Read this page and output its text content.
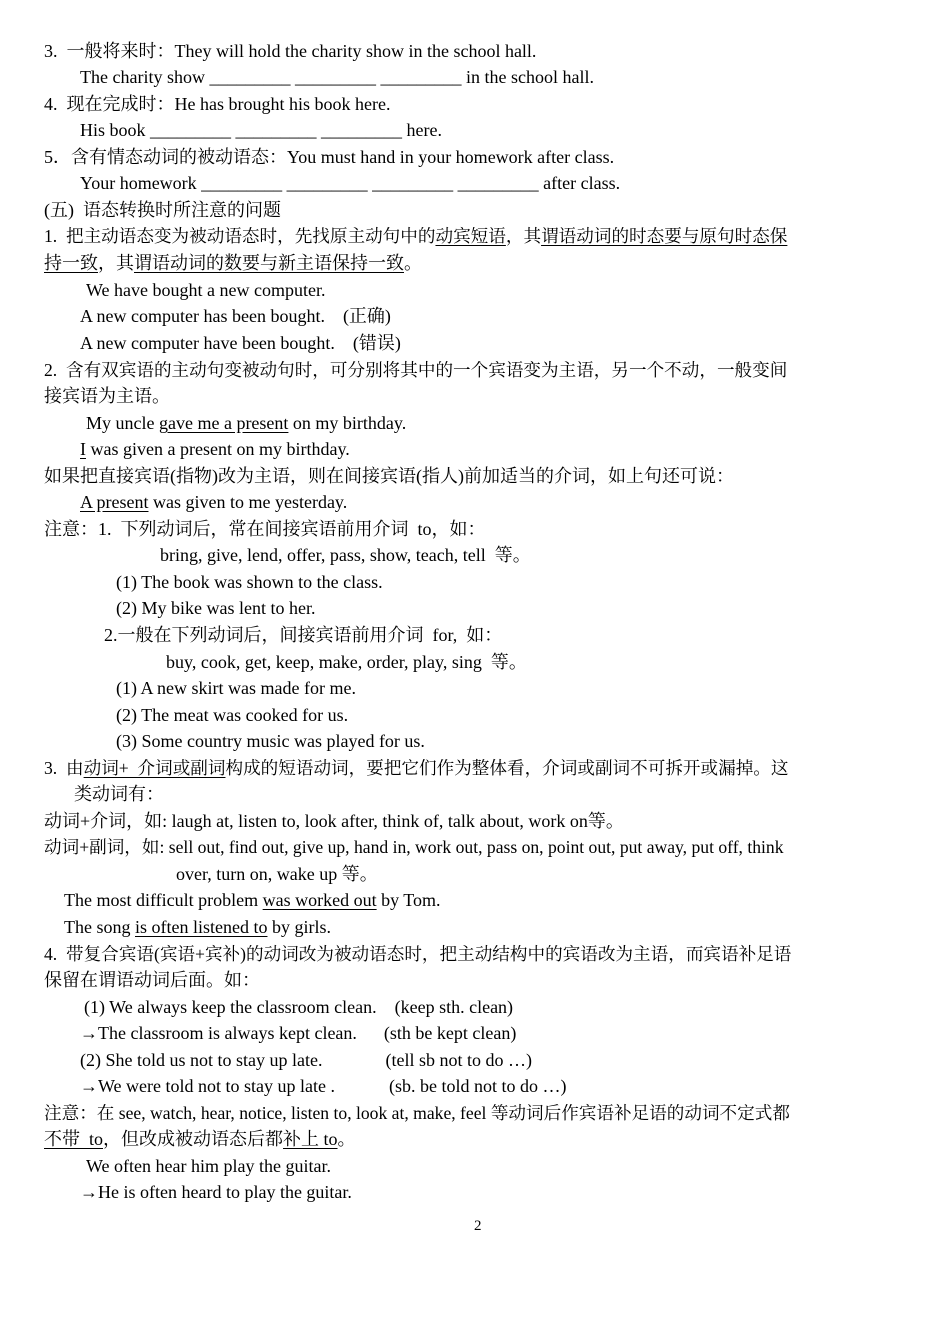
3.  一般将来时：They will hold the charity show in the school hall.
The charity show _________ _________ _________ in the school hall.
4.  现在完成时：He has brought his book here.
His book _________ _________ _________ here.
5．含有情态动词的被动语态：You must hand in your homework after class.
Your homework _________ _________ _________ _________ after class.
(五)  语态转换时所注意的问题
1.  把主动语态变为被动语态时，先找原主动句中的动宾短语，其谓语动词的时态要与原句时态保
持一致，其谓语动词的数要与新主语保持一致。
We have bought a new computer.
A new computer has been bought.    (正确)
A new computer have been bought.    (错误)
2.  含有双宾语的主动句变被动句时，可分别将其中的一个宾语变为主语，另一个不动，一般变间
接宾语为主语。
My uncle gave me a present on my birthday.
I was given a present on my birthday.
如果把直接宾语(指物)改为主语，则在间接宾语(指人)前加适当的介词，如上句还可说：
A present was given to me yesterday.
注意：1.  下列动词后，常在间接宾语前用介词  to，如：
bring, give, lend, offer, pass, show, teach, tell  等。
(1) The book was shown to the class.
(2) My bike was lent to her.
2.一般在下列动词后，间接宾语前用介词  for,  如：
buy, cook, get, keep, make, order, play, sing  等。
(1) A new skirt was made for me.
(2) The meat was cooked for us.
(3) Some country music was played for us.
3.  由动词+  介词或副词构成的短语动词，要把它们作为整体看，介词或副词不可拆开或漏掉。这
类动词有：
动词+介词，如: laugh at, listen to, look after, think of, talk about, work on等。
动词+副词，如: sell out, find out, give up, hand in, work out, pass on, point out, put away, put off, think
over, turn on, wake up 等。
The most difficult problem was worked out by Tom.
The song is often listened to by girls.
4.  带复合宾语(宾语+宾补)的动词改为被动语态时，把主动结构中的宾语改为主语，而宾语补足语
保留在谓语动词后面。如：
(1) We always keep the classroom clean.    (keep sth. clean)
→The classroom is always kept clean.      (sth be kept clean)
(2) She told us not to stay up late.              (tell sb not to do …)
→We were told not to stay up late .            (sb. be told not to do …)
注意：在 see, watch, hear, notice, listen to, look at, make, feel 等动词后作宾语补足语的动词不定式都
不带  to，但改成被动语态后都补上 to。
We often hear him play the guitar.
→He is often heard to play the guitar.
2
